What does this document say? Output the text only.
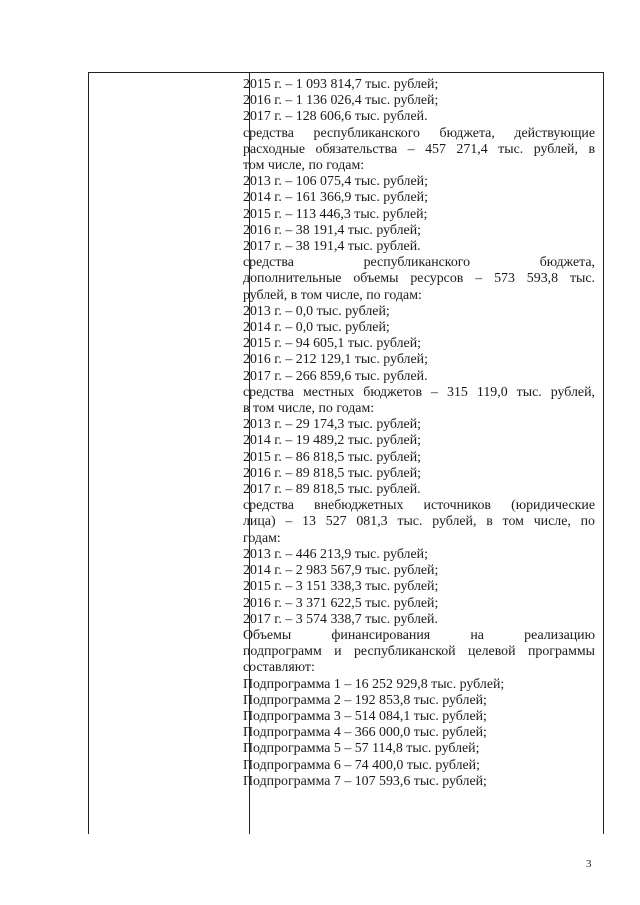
2015 г. – 1 093 814,7 тыс. рублей;
2016 г. – 1 136 026,4 тыс. рублей;
2017 г. – 128 606,6 тыс. рублей.
средства республиканского бюджета, действующие
расходные обязательства – 457 271,4 тыс. рублей, в
том числе, по годам:
2013 г. – 106 075,4 тыс. рублей;
2014 г. – 161 366,9 тыс. рублей;
2015 г. – 113 446,3 тыс. рублей;
2016 г. – 38 191,4 тыс. рублей;
2017 г. – 38 191,4 тыс. рублей.
средства республиканского бюджета,
дополнительные объемы ресурсов – 573 593,8 тыс.
рублей, в том числе, по годам:
2013 г. – 0,0 тыс. рублей;
2014 г. – 0,0 тыс. рублей;
2015 г. – 94 605,1 тыс. рублей;
2016 г. – 212 129,1 тыс. рублей;
2017 г. – 266 859,6 тыс. рублей.
средства местных бюджетов – 315 119,0 тыс. рублей,
в том числе, по годам:
2013 г. – 29 174,3 тыс. рублей;
2014 г. – 19 489,2 тыс. рублей;
2015 г. – 86 818,5 тыс. рублей;
2016 г. – 89 818,5 тыс. рублей;
2017 г. – 89 818,5 тыс. рублей.
средства внебюджетных источников (юридические
лица) – 13 527 081,3 тыс. рублей, в том числе, по
годам:
2013 г. – 446 213,9 тыс. рублей;
2014 г. – 2 983 567,9 тыс. рублей;
2015 г. – 3 151 338,3 тыс. рублей;
2016 г. – 3 371 622,5 тыс. рублей;
2017 г. – 3 574 338,7 тыс. рублей.
Объемы финансирования на реализацию
подпрограмм и республиканской целевой программы
составляют:
Подпрограмма 1 – 16 252 929,8 тыс. рублей;
Подпрограмма 2 – 192 853,8 тыс. рублей;
Подпрограмма 3 – 514 084,1 тыс. рублей;
Подпрограмма 4 – 366 000,0 тыс. рублей;
Подпрограмма 5 – 57 114,8 тыс. рублей;
Подпрограмма 6 – 74 400,0 тыс. рублей;
Подпрограмма 7 – 107 593,6 тыс. рублей;
3
